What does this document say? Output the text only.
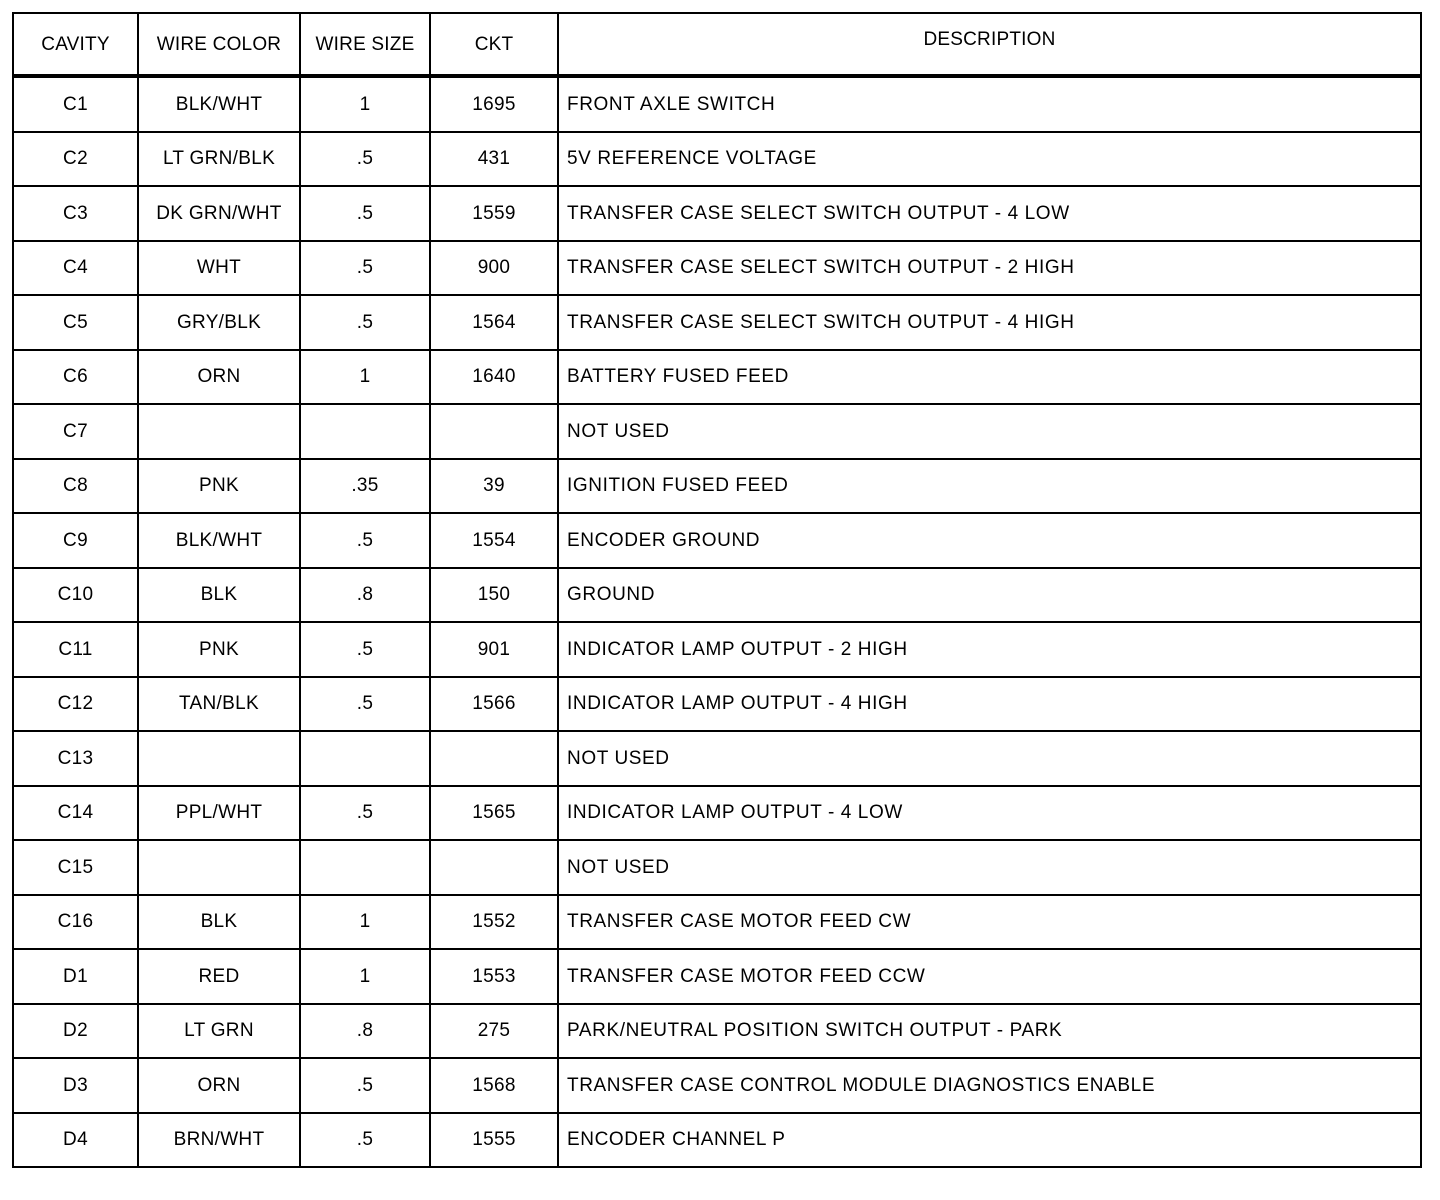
CAVITY	WIRE COLOR	WIRE SIZE	CKT	DESCRIPTION
C1	BLK/WHT	1	1695	FRONT AXLE SWITCH
C2	LT GRN/BLK	.5	431	5V REFERENCE VOLTAGE
C3	DK GRN/WHT	.5	1559	TRANSFER CASE SELECT SWITCH OUTPUT - 4 LOW
C4	WHT	.5	900	TRANSFER CASE SELECT SWITCH OUTPUT - 2 HIGH
C5	GRY/BLK	.5	1564	TRANSFER CASE SELECT SWITCH OUTPUT - 4 HIGH
C6	ORN	1	1640	BATTERY FUSED FEED
C7				NOT USED
C8	PNK	.35	39	IGNITION FUSED FEED
C9	BLK/WHT	.5	1554	ENCODER GROUND
C10	BLK	.8	150	GROUND
C11	PNK	.5	901	INDICATOR LAMP OUTPUT - 2 HIGH
C12	TAN/BLK	.5	1566	INDICATOR LAMP OUTPUT - 4 HIGH
C13				NOT USED
C14	PPL/WHT	.5	1565	INDICATOR LAMP OUTPUT - 4 LOW
C15				NOT USED
C16	BLK	1	1552	TRANSFER CASE MOTOR FEED CW
D1	RED	1	1553	TRANSFER CASE MOTOR FEED CCW
D2	LT GRN	.8	275	PARK/NEUTRAL POSITION SWITCH OUTPUT - PARK
D3	ORN	.5	1568	TRANSFER CASE CONTROL MODULE DIAGNOSTICS ENABLE
D4	BRN/WHT	.5	1555	ENCODER CHANNEL P
